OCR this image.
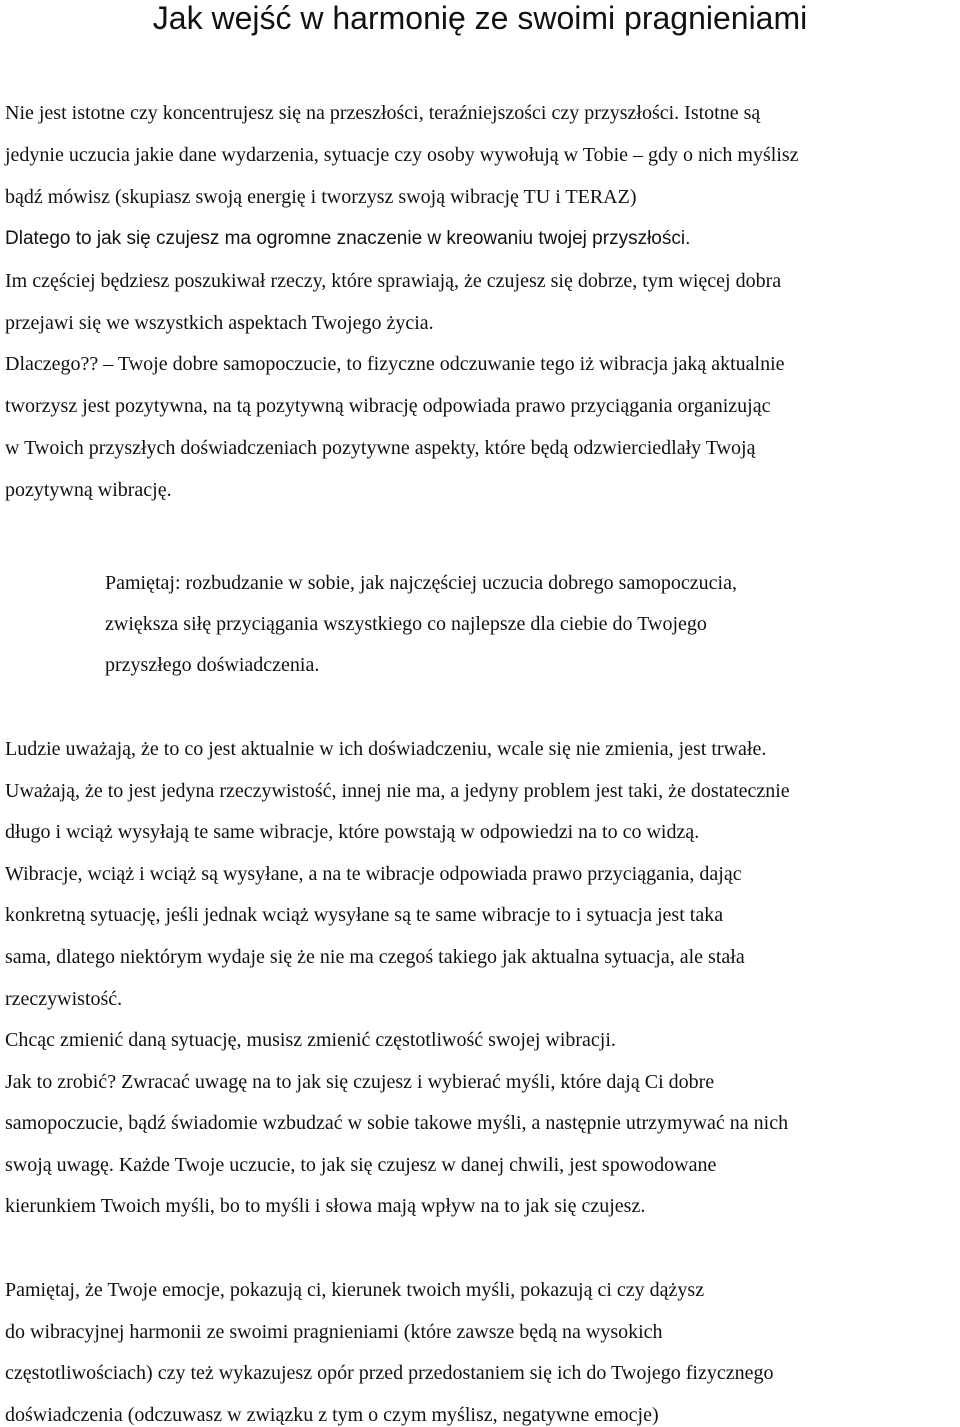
Jak wejść w harmonię ze swoimi pragnieniami

Nie jest istotne czy koncentrujesz się na przeszłości, teraźniejszości czy przyszłości. Istotne są

jedynie uczucia jakie dane wydarzenia, sytuacje czy osoby wywołują w Tobie – gdy o nich myślisz

bądź mówisz (skupiasz swoją energię i tworzysz swoją wibrację TU i TERAZ)

Dlatego to jak się czujesz ma ogromne znaczenie w kreowaniu twojej przyszłości.

Im częściej będziesz poszukiwał rzeczy, które sprawiają, że czujesz się dobrze, tym więcej dobra

przejawi się we wszystkich aspektach Twojego życia.

Dlaczego?? – Twoje dobre samopoczucie, to fizyczne odczuwanie tego iż wibracja jaką aktualnie

tworzysz jest pozytywna, na tą pozytywną wibrację odpowiada prawo przyciągania organizując

w Twoich przyszłych doświadczeniach pozytywne aspekty, które będą odzwierciedlały Twoją

pozytywną wibrację.

Pamiętaj: rozbudzanie w sobie, jak najczęściej uczucia dobrego samopoczucia,

zwiększa siłę przyciągania wszystkiego co najlepsze dla ciebie do Twojego

przyszłego doświadczenia.

Ludzie uważają, że to co jest aktualnie w ich doświadczeniu, wcale się nie zmienia, jest trwałe.

Uważają, że to jest jedyna rzeczywistość, innej nie ma, a jedyny problem jest taki, że dostatecznie

długo i wciąż wysyłają te same wibracje, które powstają w odpowiedzi na to co widzą.

Wibracje, wciąż i wciąż są wysyłane, a na te wibracje odpowiada prawo przyciągania, dając

konkretną sytuację, jeśli jednak wciąż wysyłane są te same wibracje to i sytuacja jest taka

sama, dlatego niektórym wydaje się że nie ma czegoś takiego jak aktualna sytuacja, ale stała

rzeczywistość.

Chcąc zmienić daną sytuację, musisz zmienić częstotliwość swojej wibracji.

Jak to zrobić? Zwracać uwagę na to jak się czujesz i wybierać myśli, które dają Ci dobre

samopoczucie, bądź świadomie wzbudzać w sobie takowe myśli, a następnie utrzymywać na nich

swoją uwagę. Każde Twoje uczucie, to jak się czujesz w danej chwili, jest spowodowane

kierunkiem Twoich myśli, bo to myśli i słowa mają wpływ na to jak się czujesz.

Pamiętaj, że Twoje emocje, pokazują ci, kierunek twoich myśli, pokazują ci czy dążysz

do wibracyjnej harmonii ze swoimi pragnieniami (które zawsze będą na wysokich

częstotliwościach) czy też wykazujesz opór przed przedostaniem się ich do Twojego fizycznego

doświadczenia (odczuwasz w związku z tym o czym myślisz, negatywne emocje)
